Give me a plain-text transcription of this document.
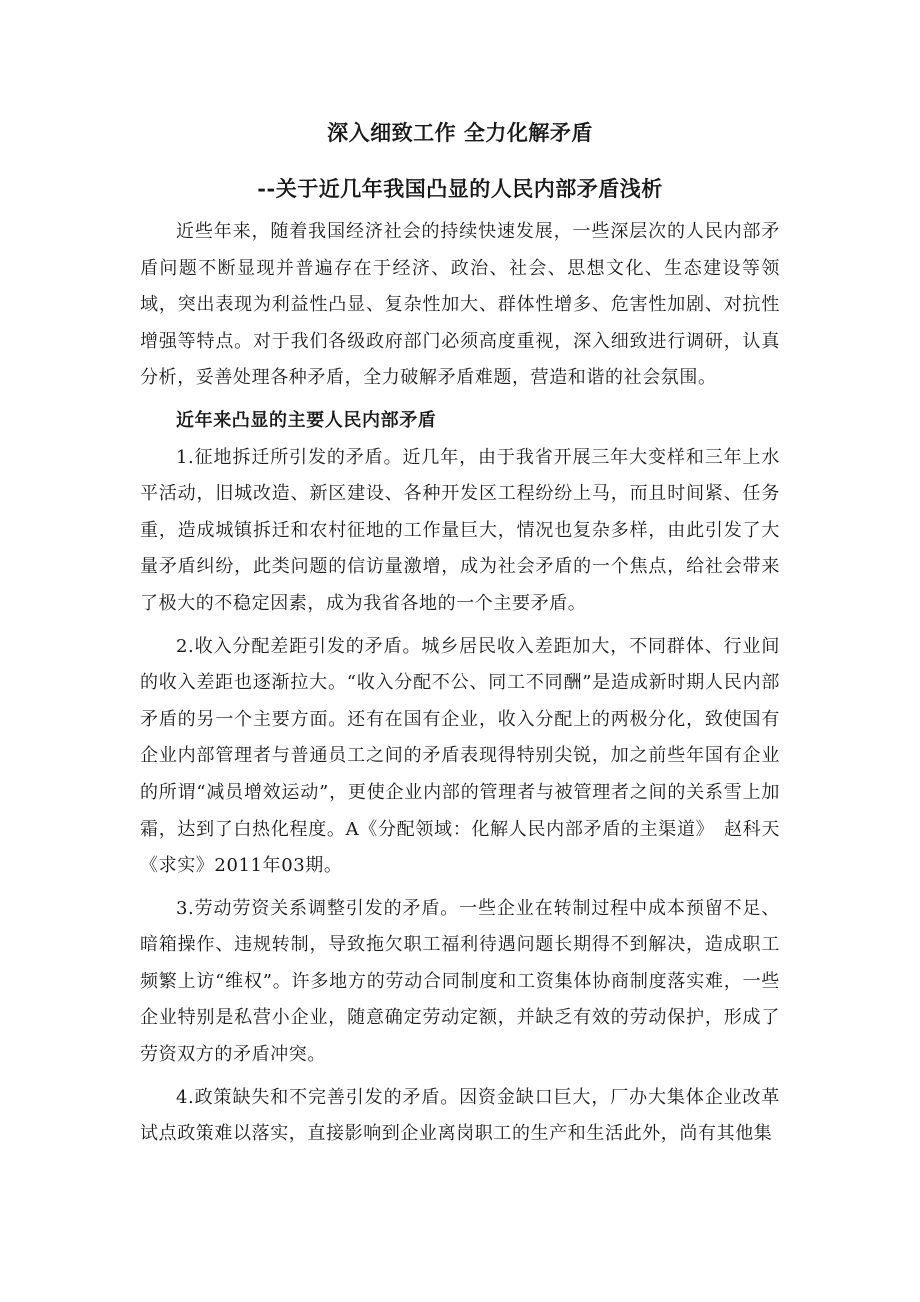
深入细致工作 全力化解矛盾
--关于近几年我国凸显的人民内部矛盾浅析

近些年来，随着我国经济社会的持续快速发展，一些深层次的人民内部矛盾问题不断显现并普遍存在于经济、政治、社会、思想文化、生态建设等领域，突出表现为利益性凸显、复杂性加大、群体性增多、危害性加剧、对抗性增强等特点。对于我们各级政府部门必须高度重视，深入细致进行调研，认真分析，妥善处理各种矛盾，全力破解矛盾难题，营造和谐的社会氛围。

近年来凸显的主要人民内部矛盾

1.征地拆迁所引发的矛盾。近几年，由于我省开展三年大变样和三年上水平活动，旧城改造、新区建设、各种开发区工程纷纷上马，而且时间紧、任务重，造成城镇拆迁和农村征地的工作量巨大，情况也复杂多样，由此引发了大量矛盾纠纷，此类问题的信访量激增，成为社会矛盾的一个焦点，给社会带来了极大的不稳定因素，成为我省各地的一个主要矛盾。

2.收入分配差距引发的矛盾。城乡居民收入差距加大，不同群体、行业间的收入差距也逐渐拉大。“收入分配不公、同工不同酬”是造成新时期人民内部矛盾的另一个主要方面。还有在国有企业，收入分配上的两极分化，致使国有企业内部管理者与普通员工之间的矛盾表现得特别尖锐，加之前些年国有企业的所谓“减员增效运动”，更使企业内部的管理者与被管理者之间的关系雪上加霜，达到了白热化程度。A《分配领域：化解人民内部矛盾的主渠道》　赵科天《求实》2011年03期。

3.劳动劳资关系调整引发的矛盾。一些企业在转制过程中成本预留不足、暗箱操作、违规转制，导致拖欠职工福利待遇问题长期得不到解决，造成职工频繁上访“维权”。许多地方的劳动合同制度和工资集体协商制度落实难，一些企业特别是私营小企业，随意确定劳动定额，并缺乏有效的劳动保护，形成了劳资双方的矛盾冲突。

4.政策缺失和不完善引发的矛盾。因资金缺口巨大，厂办大集体企业改革试点政策难以落实，直接影响到企业离岗职工的生产和生活此外，尚有其他集
